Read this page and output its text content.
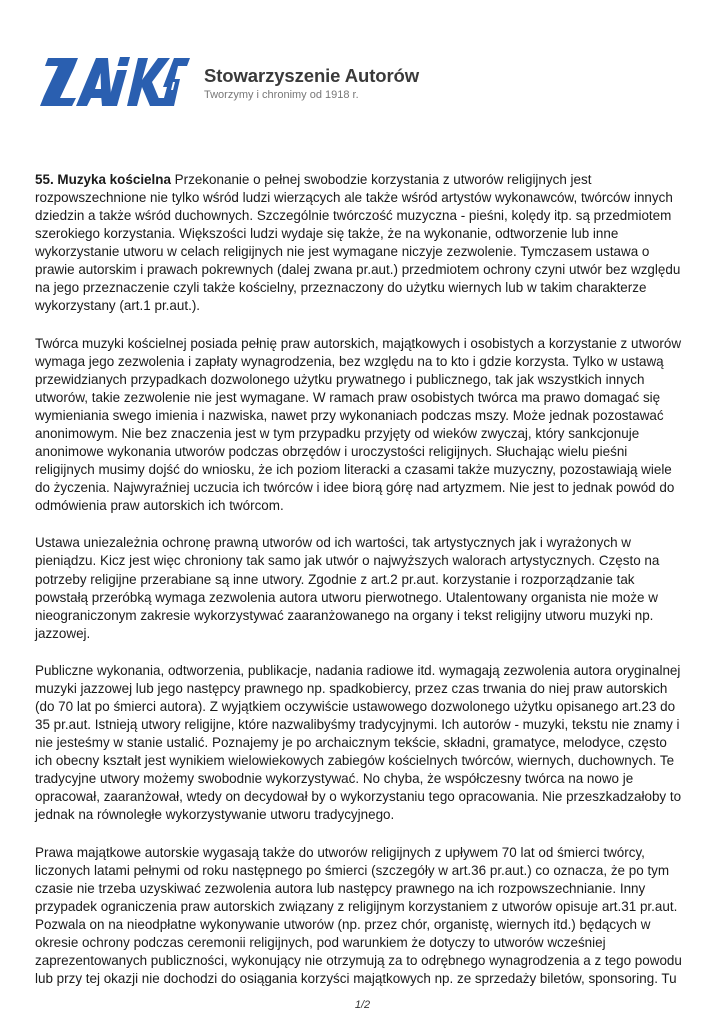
Stowarzyszenie Autorów
Tworzymy i chronimy od 1918 r.

55. Muzyka kościelna Przekonanie o pełnej swobodzie korzystania z utworów religijnych jest rozpowszechnione nie tylko wśród ludzi wierzących ale także wśród artystów wykonawców, twórców innych dziedzin a także wśród duchownych. Szczególnie twórczość muzyczna - pieśni, kolędy itp. są przedmiotem szerokiego korzystania. Większości ludzi wydaje się także, że na wykonanie, odtworzenie lub inne wykorzystanie utworu w celach religijnych nie jest wymagane niczyje zezwolenie. Tymczasem ustawa o prawie autorskim i prawach pokrewnych (dalej zwana pr.aut.) przedmiotem ochrony czyni utwór bez względu na jego przeznaczenie czyli także kościelny, przeznaczony do użytku wiernych lub w takim charakterze wykorzystany (art.1 pr.aut.).

Twórca muzyki kościelnej posiada pełnię praw autorskich, majątkowych i osobistych a korzystanie z utworów wymaga jego zezwolenia i zapłaty wynagrodzenia, bez względu na to kto i gdzie korzysta. Tylko w ustawą przewidzianych przypadkach dozwolonego użytku prywatnego i publicznego, tak jak wszystkich innych utworów, takie zezwolenie nie jest wymagane. W ramach praw osobistych twórca ma prawo domagać się wymieniania swego imienia i nazwiska, nawet przy wykonaniach podczas mszy. Może jednak pozostawać anonimowym. Nie bez znaczenia jest w tym przypadku przyjęty od wieków zwyczaj, który sankcjonuje anonimowe wykonania utworów podczas obrzędów i uroczystości religijnych. Słuchając wielu pieśni religijnych musimy dojść do wniosku, że ich poziom literacki a czasami także muzyczny, pozostawiają wiele do życzenia. Najwyraźniej uczucia ich twórców i idee biorą górę nad artyzmem. Nie jest to jednak powód do odmówienia praw autorskich ich twórcom.

Ustawa uniezależnia ochronę prawną utworów od ich wartości, tak artystycznych jak i wyrażonych w pieniądzu. Kicz jest więc chroniony tak samo jak utwór o najwyższych walorach artystycznych. Często na potrzeby religijne przerabiane są inne utwory. Zgodnie z art.2 pr.aut. korzystanie i rozporządzanie tak powstałą przeróbką wymaga zezwolenia autora utworu pierwotnego. Utalentowany organista nie może w nieograniczonym zakresie wykorzystywać zaaranżowanego na organy i tekst religijny utworu muzyki np. jazzowej.

Publiczne wykonania, odtworzenia, publikacje, nadania radiowe itd. wymagają zezwolenia autora oryginalnej muzyki jazzowej lub jego następcy prawnego np. spadkobiercy, przez czas trwania do niej praw autorskich (do 70 lat po śmierci autora). Z wyjątkiem oczywiście ustawowego dozwolonego użytku opisanego art.23 do 35 pr.aut. Istnieją utwory religijne, które nazwalibyśmy tradycyjnymi. Ich autorów - muzyki, tekstu nie znamy i nie jesteśmy w stanie ustalić. Poznajemy je po archaicznym tekście, składni, gramatyce, melodyce, często ich obecny kształt jest wynikiem wielowiekowych zabiegów kościelnych twórców, wiernych, duchownych. Te tradycyjne utwory możemy swobodnie wykorzystywać. No chyba, że współczesny twórca na nowo je opracował, zaaranżował, wtedy on decydował by o wykorzystaniu tego opracowania. Nie przeszkadzałoby to jednak na równoległe wykorzystywanie utworu tradycyjnego.

Prawa majątkowe autorskie wygasają także do utworów religijnych z upływem 70 lat od śmierci twórcy, liczonych latami pełnymi od roku następnego po śmierci (szczegóły w art.36 pr.aut.) co oznacza, że po tym czasie nie trzeba uzyskiwać zezwolenia autora lub następcy prawnego na ich rozpowszechnianie. Inny przypadek ograniczenia praw autorskich związany z religijnym korzystaniem z utworów opisuje art.31 pr.aut. Pozwala on na nieodpłatne wykonywanie utworów (np. przez chór, organistę, wiernych itd.) będących w okresie ochrony podczas ceremonii religijnych, pod warunkiem że dotyczy to utworów wcześniej zaprezentowanych publiczności, wykonujący nie otrzymują za to odrębnego wynagrodzenia a z tego powodu lub przy tej okazji nie dochodzi do osiągania korzyści majątkowych np. ze sprzedaży biletów, sponsoring. Tu

1/2
